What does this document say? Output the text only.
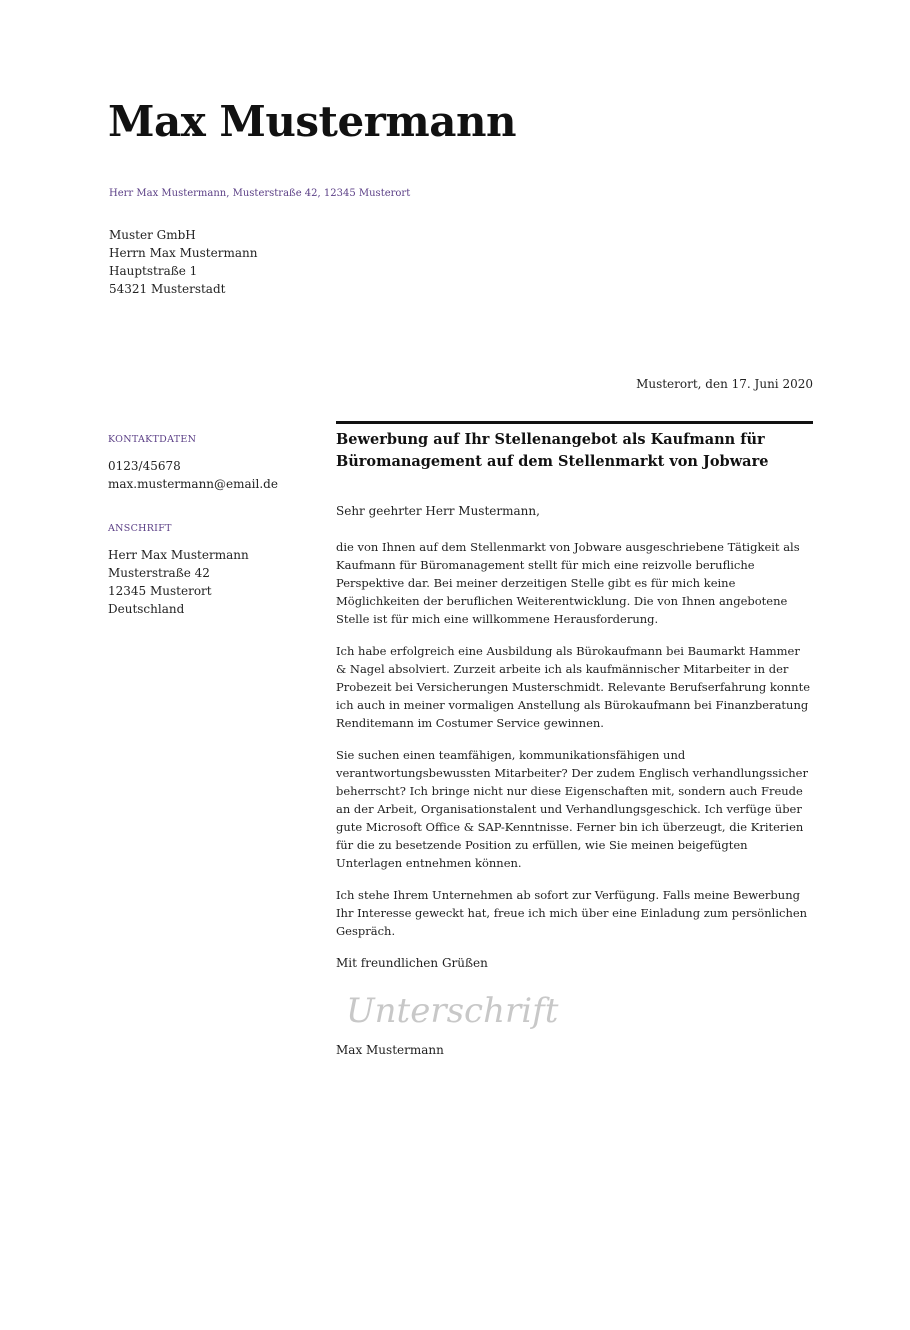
Max Mustermann
Herr Max Mustermann, Musterstraße 42, 12345 Musterort
Muster GmbH
Herrn Max Mustermann
Hauptstraße 1
54321 Musterstadt
Musterort, den 17. Juni 2020
KONTAKTDATEN
0123/45678
max.mustermann@email.de
ANSCHRIFT
Herr Max Mustermann
Musterstraße 42
12345 Musterort
Deutschland
Bewerbung auf Ihr Stellenangebot als Kaufmann für Büromanagement auf dem Stellenmarkt von Jobware

Sehr geehrter Herr Mustermann,

die von Ihnen auf dem Stellenmarkt von Jobware ausgeschriebene Tätigkeit als Kaufmann für Büromanagement stellt für mich eine reizvolle berufliche Perspektive dar. Bei meiner derzeitigen Stelle gibt es für mich keine Möglichkeiten der beruflichen Weiterentwicklung. Die von Ihnen angebotene Stelle ist für mich eine willkommene Herausforderung.

Ich habe erfolgreich eine Ausbildung als Bürokaufmann bei Baumarkt Hammer & Nagel absolviert. Zurzeit arbeite ich als kaufmännischer Mitarbeiter in der Probezeit bei Versicherungen Musterschmidt. Relevante Berufserfahrung konnte ich auch in meiner vormaligen Anstellung als Bürokaufmann bei Finanzberatung Renditemann im Costumer Service gewinnen.

Sie suchen einen teamfähigen, kommunikationsfähigen und verantwortungsbewussten Mitarbeiter? Der zudem Englisch verhandlungssicher beherrscht? Ich bringe nicht nur diese Eigenschaften mit, sondern auch Freude an der Arbeit, Organisationstalent und Verhandlungsgeschick. Ich verfüge über gute Microsoft Office & SAP-Kenntnisse. Ferner bin ich überzeugt, die Kriterien für die zu besetzende Position zu erfüllen, wie Sie meinen beigefügten Unterlagen entnehmen können.

Ich stehe Ihrem Unternehmen ab sofort zur Verfügung. Falls meine Bewerbung Ihr Interesse geweckt hat, freue ich mich über eine Einladung zum persönlichen Gespräch.

Mit freundlichen Grüßen

Unterschrift

Max Mustermann
